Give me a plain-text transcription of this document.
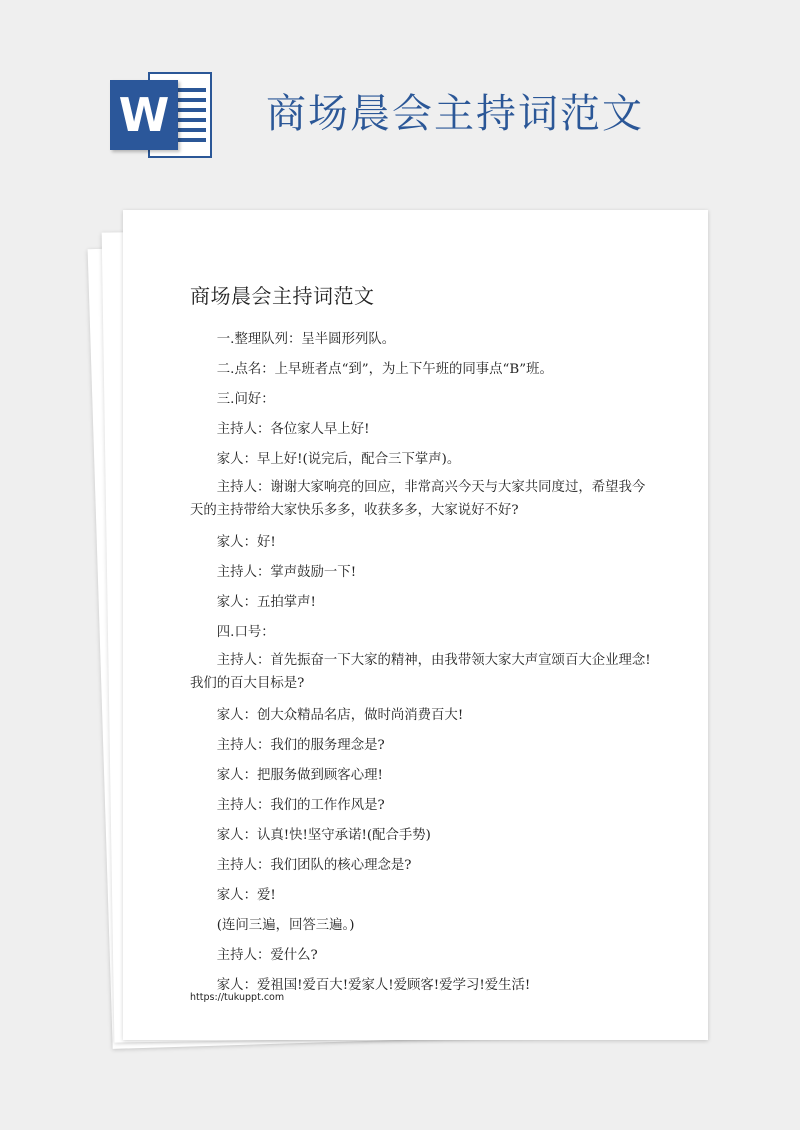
W 商场晨会主持词范文
商场晨会主持词范文

一.整理队列：呈半圆形列队。

二.点名：上早班者点“到”，为上下午班的同事点“B”班。

三.问好：

主持人：各位家人早上好!

家人：早上好!(说完后，配合三下掌声)。

主持人：谢谢大家响亮的回应，非常高兴今天与大家共同度过，希望我今天的主持带给大家快乐多多，收获多多，大家说好不好?

家人：好!

主持人：掌声鼓励一下!

家人：五拍掌声!

四.口号：

主持人：首先振奋一下大家的精神，由我带领大家大声宣颂百大企业理念!我们的百大目标是?

家人：创大众精品名店，做时尚消费百大!

主持人：我们的服务理念是?

家人：把服务做到顾客心理!

主持人：我们的工作作风是?

家人：认真!快!坚守承诺!(配合手势)

主持人：我们团队的核心理念是?

家人：爱!

(连问三遍，回答三遍。)

主持人：爱什么?

家人：爱祖国!爱百大!爱家人!爱顾客!爱学习!爱生活!

https://tukuppt.com
